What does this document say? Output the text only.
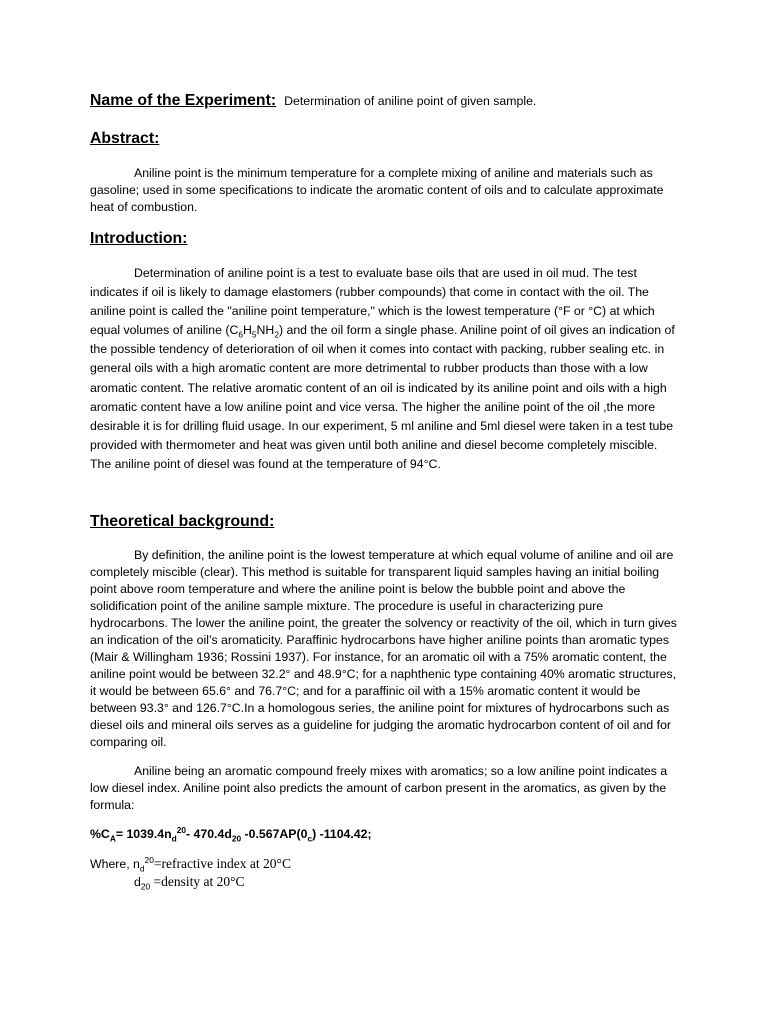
Name of the Experiment: Determination of aniline point of given sample.
Abstract:

Aniline point is the minimum temperature for a complete mixing of aniline and materials such as gasoline; used in some specifications to indicate the aromatic content of oils and to calculate approximate heat of combustion.

Introduction:

Determination of aniline point is a test to evaluate base oils that are used in oil mud. The test indicates if oil is likely to damage elastomers (rubber compounds) that come in contact with the oil. The aniline point is called the "aniline point temperature," which is the lowest temperature (°F or °C) at which equal volumes of aniline $(C_6H_5NH_2)$ and the oil form a single phase. Aniline point of oil gives an indication of the possible tendency of deterioration of oil when it comes into contact with packing, rubber sealing etc. in general oils with a high aromatic content are more detrimental to rubber products than those with a low aromatic content. The relative aromatic content of an oil is indicated by its aniline point and oils with a high aromatic content have a low aniline point and vice versa. The higher the aniline point of the oil ,the more desirable it is for drilling fluid usage. In our experiment, 5 ml aniline and 5ml diesel were taken in a test tube provided with thermometer and heat was given until both aniline and diesel become completely miscible. The aniline point of diesel was found at the temperature of 94°C.

Theoretical background:

By definition, the aniline point is the lowest temperature at which equal volume of aniline and oil are completely miscible (clear). This method is suitable for transparent liquid samples having an initial boiling point above room temperature and where the aniline point is below the bubble point and above the solidification point of the aniline sample mixture. The procedure is useful in characterizing pure hydrocarbons. The lower the aniline point, the greater the solvency or reactivity of the oil, which in turn gives an indication of the oil’s aromaticity. Paraffinic hydrocarbons have higher aniline points than aromatic types (Mair & Willingham 1936; Rossini 1937). For instance, for an aromatic oil with a 75% aromatic content, the aniline point would be between 32.2° and 48.9°C; for a naphthenic type containing 40% aromatic structures, it would be between 65.6° and 76.7°C; and for a paraffinic oil with a 15% aromatic content it would be between 93.3° and 126.7°C.In a homologous series, the aniline point for mixtures of hydrocarbons such as diesel oils and mineral oils serves as a guideline for judging the aromatic hydrocarbon content of oil and for comparing oil.

Aniline being an aromatic compound freely mixes with aromatics; so a low aniline point indicates a low diesel index. Aniline point also predicts the amount of carbon present in the aromatics, as given by the formula:

$\%C_A= 1039.4n_d^{20}-$ $470.4d_{20}$ $-0.567AP(0_c)$ -1104.42;
Where, $n_d^{20}=refractive$ index at 20°C
$d_{20}$ =density at 20°C
